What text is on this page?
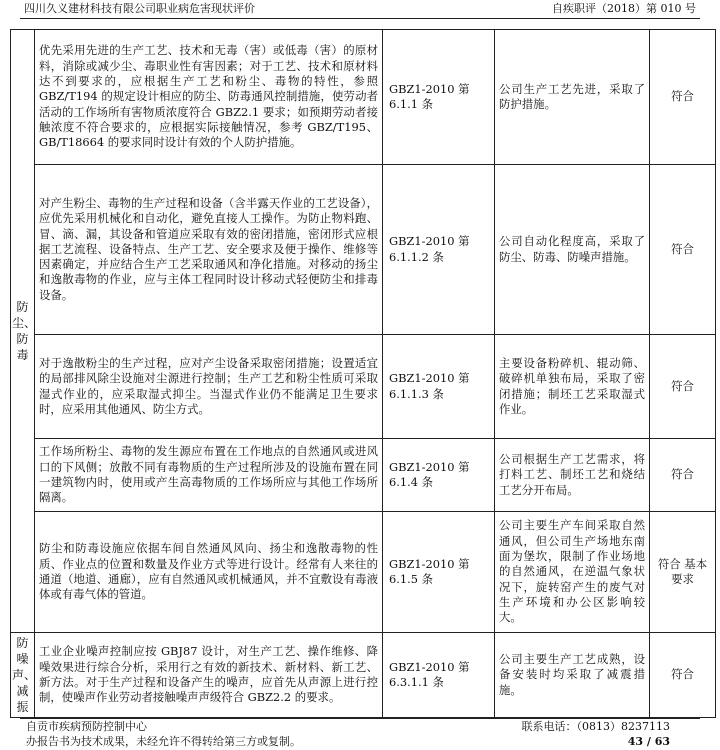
四川久义建材科技有限公司职业病危害现状评价	自疾职评（2018）第 010 号
防尘、防毒	优先采用先进的生产工艺、技术和无毒（害）或低毒（害）的原材料，消除或减少尘、毒职业性有害因素；对于工艺、技术和原材料达不到要求的，应根据生产工艺和粉尘、毒物的特性，参照 GBZ/T194 的规定设计相应的防尘、防毒通风控制措施，使劳动者活动的工作场所有害物质浓度符合 GBZ2.1 要求；如预期劳动者接触浓度不符合要求的，应根据实际接触情况，参考 GBZ/T195、GB/T18664 的要求同时设计有效的个人防护措施。	GBZ1-2010 第 6.1.1 条	公司生产工艺先进，采取了防护措施。	符合
	对产生粉尘、毒物的生产过程和设备（含半露天作业的工艺设备），应优先采用机械化和自动化，避免直接人工操作。为防止物料跑、冒、滴、漏，其设备和管道应采取有效的密闭措施，密闭形式应根据工艺流程、设备特点、生产工艺、安全要求及便于操作、维修等因素确定，并应结合生产工艺采取通风和净化措施。对移动的扬尘和逸散毒物的作业，应与主体工程同时设计移动式轻便防尘和排毒设备。	GBZ1-2010 第 6.1.1.2 条	公司自动化程度高，采取了防尘、防毒、防噪声措施。	符合
	对于逸散粉尘的生产过程，应对产尘设备采取密闭措施；设置适宜的局部排风除尘设施对尘源进行控制；生产工艺和粉尘性质可采取湿式作业的，应采取湿式抑尘。当湿式作业仍不能满足卫生要求时，应采用其他通风、防尘方式。	GBZ1-2010 第 6.1.1.3 条	主要设备粉碎机、辊动筛、破碎机单独布局，采取了密闭措施；制坯工艺采取湿式作业。	符合
	工作场所粉尘、毒物的发生源应布置在工作地点的自然通风或进风口的下风侧；放散不同有毒物质的生产过程所涉及的设施布置在同一建筑物内时，使用或产生高毒物质的工作场所应与其他工作场所隔离。	GBZ1-2010 第 6.1.4 条	公司根据生产工艺需求，将打料工艺、制坯工艺和烧结工艺分开布局。	符合
	防尘和防毒设施应依据车间自然通风风向、扬尘和逸散毒物的性质、作业点的位置和数量及作业方式等进行设计。经常有人来往的通道（地道、通廊），应有自然通风或机械通风，并不宜敷设有毒液体或有毒气体的管道。	GBZ1-2010 第 6.1.5 条	公司主要生产车间采取自然通风，但公司生产场地东南面为堡坎，限制了作业场地的自然通风，在逆温气象状况下，旋转窑产生的废气对生产环境和办公区影响较大。	符合 基本要求
防噪声、减振	工业企业噪声控制应按 GBJ87 设计，对生产工艺、操作维修、降噪效果进行综合分析，采用行之有效的新技术、新材料、新工艺、新方法。对于生产过程和设备产生的噪声，应首先从声源上进行控制，使噪声作业劳动者接触噪声声级符合 GBZ2.2 的要求。	GBZ1-2010 第 6.3.1.1 条	公司主要生产工艺成熟，设备安装时均采取了减震措施。	符合
自贡市疾病预防控制中心	联系电话：（0813）8237113
办报告书为技术成果，未经允许不得转给第三方或复制。	43 / 63
